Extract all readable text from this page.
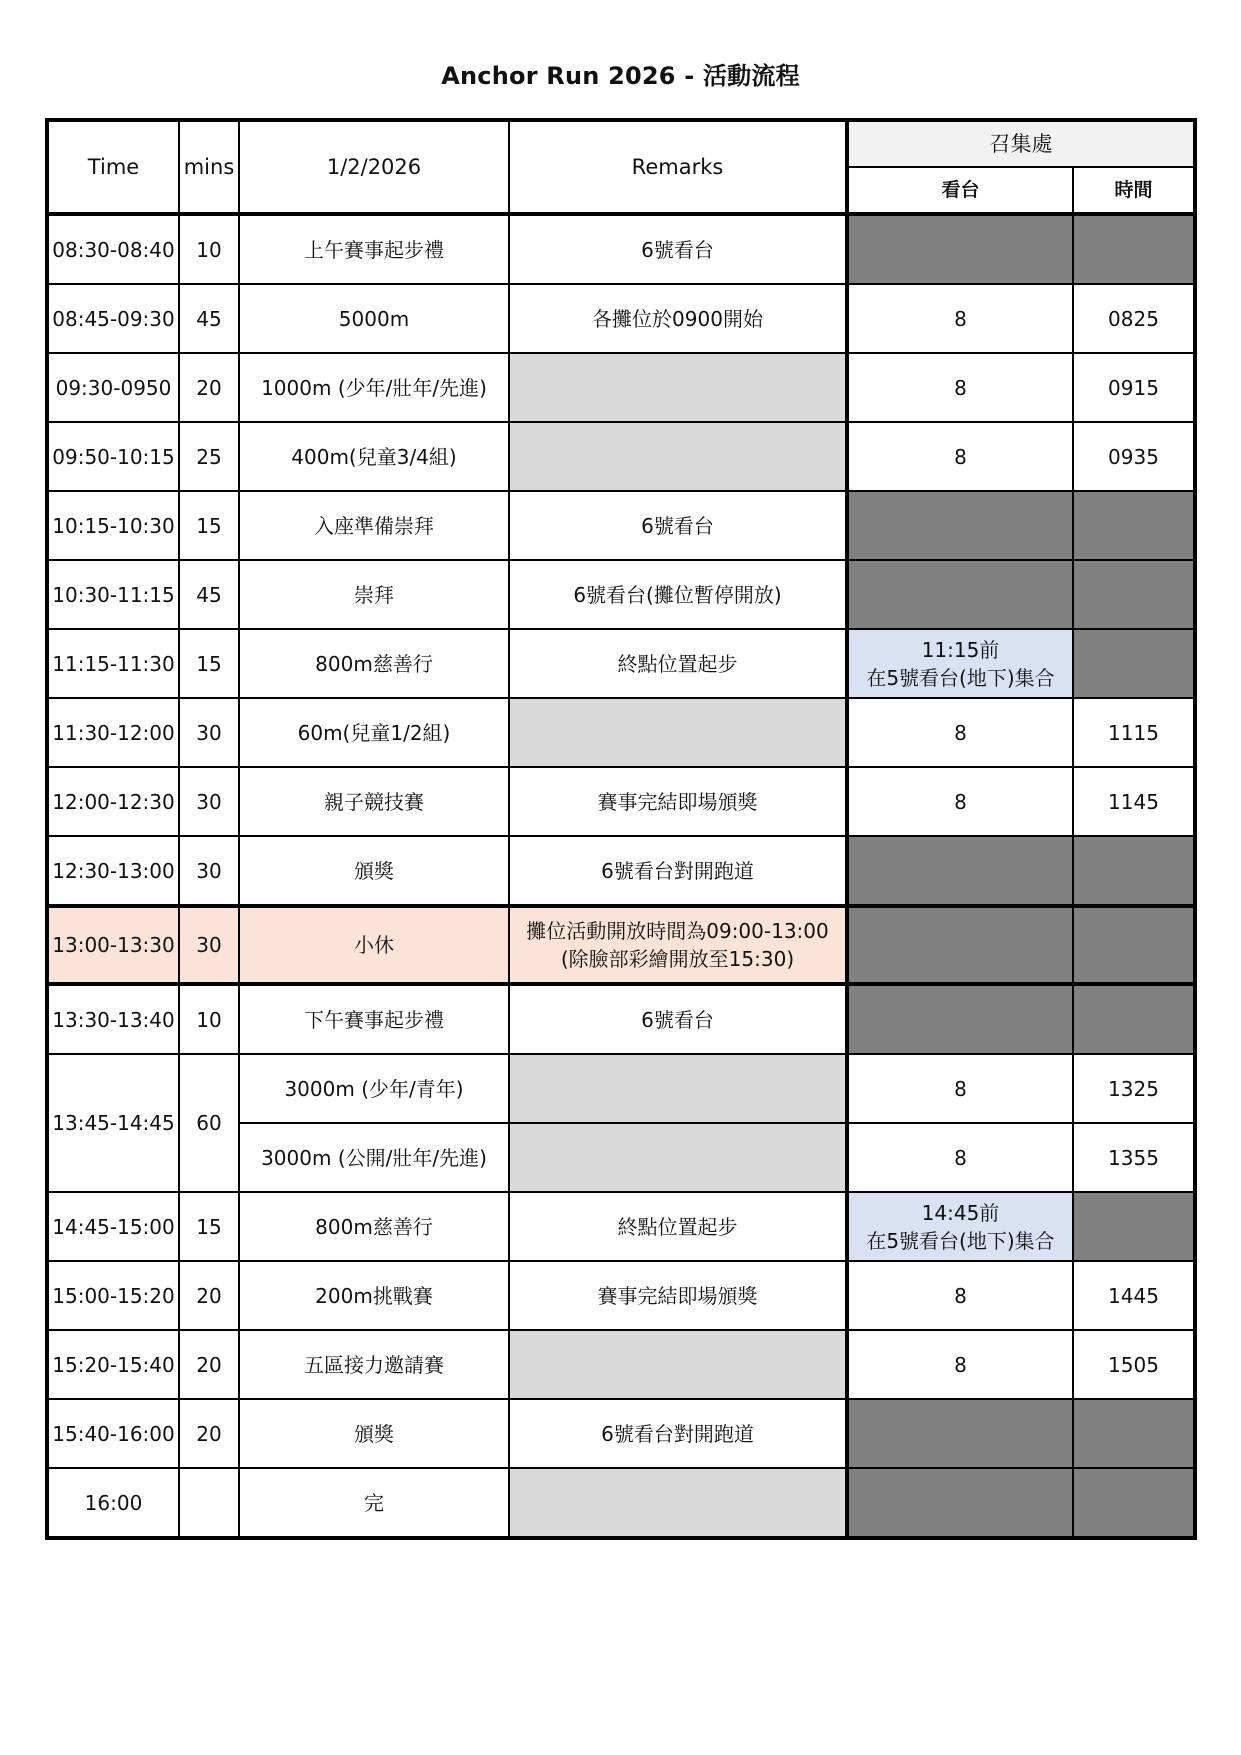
Anchor Run 2026 - 活動流程
Time	mins	1/2/2026	Remarks	召集處	
				看台	時間
08:30-08:40	10	上午賽事起步禮	6號看台		
08:45-09:30	45	5000m	各攤位於0900開始	8	0825
09:30-0950	20	1000m (少年/壯年/先進)		8	0915
09:50-10:15	25	400m(兒童3/4組)		8	0935
10:15-10:30	15	入座準備崇拜	6號看台		
10:30-11:15	45	崇拜	6號看台(攤位暫停開放)		
11:15-11:30	15	800m慈善行	終點位置起步	11:15前
在5號看台(地下)集合	

11:30-12:00	30	60m(兒童1/2組)		8	1115
12:00-12:30	30	親子競技賽	賽事完結即場頒獎	8	1145
12:30-13:00	30	頒獎	6號看台對開跑道		
13:00-13:30	30	小休	攤位活動開放時間為09:00-13:00
(除臉部彩繪開放至15:30)		

13:30-13:40	10	下午賽事起步禮	6號看台		
13:45-14:45	60	3000m (少年/青年)		8	1325
		3000m (公開/壯年/先進)		8	1355
14:45-15:00	15	800m慈善行	終點位置起步	14:45前
在5號看台(地下)集合	

15:00-15:20	20	200m挑戰賽	賽事完結即場頒獎	8	1445
15:20-15:40	20	五區接力邀請賽		8	1505
15:40-16:00	20	頒獎	6號看台對開跑道		
16:00		完			
